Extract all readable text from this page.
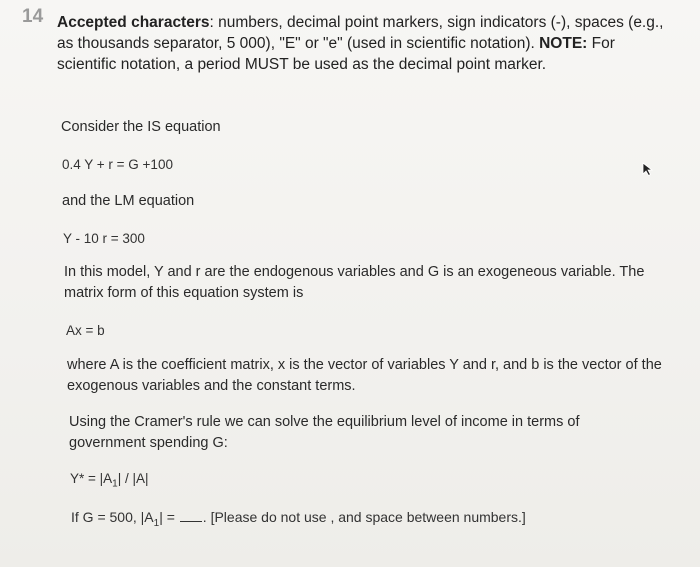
14 Accepted characters: numbers, decimal point markers, sign indicators (-), spaces (e.g., as thousands separator, 5 000), "E" or "e" (used in scientific notation). NOTE: For scientific notation, a period MUST be used as the decimal point marker.
Consider the IS equation
0.4 Y + r = G +100
and the LM equation
Y - 10 r = 300
In this model, Y and r are the endogenous variables and G is an exogeneous variable. The matrix form of this equation system is
Ax = b
where A is the coefficient matrix, x is the vector of variables Y and r, and b is the vector of the exogenous variables and the constant terms.
Using the Cramer's rule we can solve the equilibrium level of income in terms of government spending G:
$Y* = |A_1| / |A|$
If G = 500, $|A_1|$ = . [Please do not use , and space between numbers.]
